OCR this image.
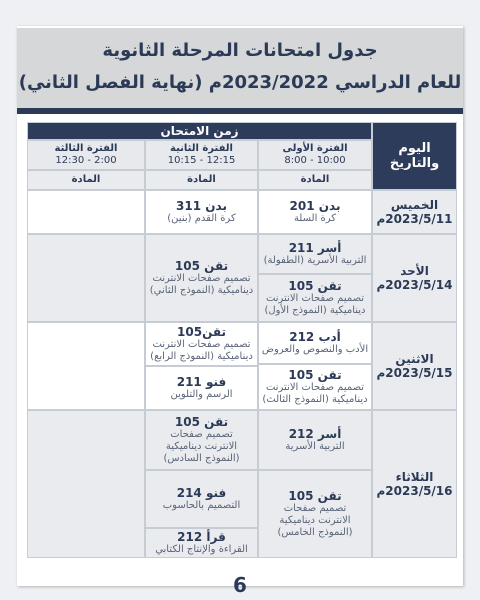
جدول امتحانات المرحلة الثانوية
للعام الدراسي 2023/2022م (نهاية الفصل الثاني)
اليوم والتاريخ
زمن الامتحان
الفترة الأولى
8:00 - 10:00
الفترة الثانية
10:15 - 12:15
الفترة الثالثة
12:30 - 2:00
المادة
المادة
المادة
الخميس
2023/5/11م
بدن 201
كرة السلة
بدن 311
كرة القدم (بنين)
الأحد
2023/5/14م
أسر 211
التربية الأسرية (الطفولة)
تقن 105
تصميم صفحات الانترنت
ديناميكية (النموذج الأول)
تقن 105
تصميم صفحات الانترنت
ديناميكية (النموذج الثاني)
الاثنين
2023/5/15م
أدب 212
الأدب والنصوص والعروض
تقن 105
تصميم صفحات الانترنت
ديناميكية (النموذج الثالث)
تقن105
تصميم صفحات الانترنت
ديناميكية (النموذج الرابع)
فنو 211
الرسم والتلوين
الثلاثاء
2023/5/16م
أسر 212
التربية الأسرية
تقن 105
تصميم صفحات
الانترنت ديناميكية
(النموذج الخامس)
تقن 105
تصميم صفحات
الانترنت ديناميكية
(النموذج السادس)
فنو 214
التصميم بالحاسوب
قرأ 212
القراءة والإنتاج الكتابي
6
